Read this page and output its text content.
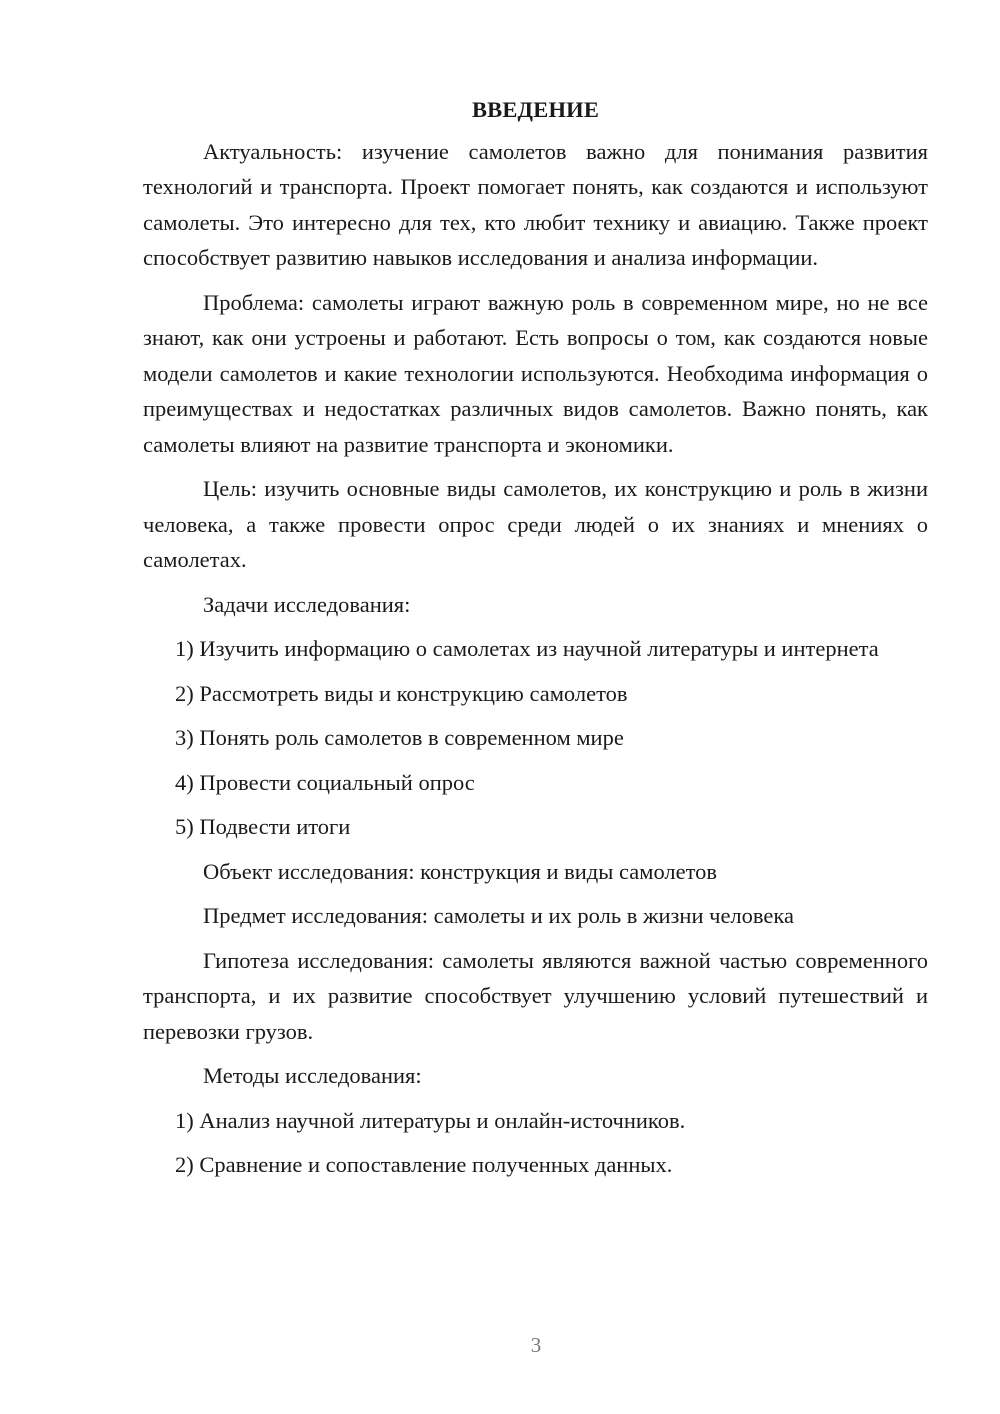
ВВЕДЕНИЕ
Актуальность: изучение самолетов важно для понимания развития технологий и транспорта. Проект помогает понять, как создаются и используют самолеты. Это интересно для тех, кто любит технику и авиацию. Также проект способствует развитию навыков исследования и анализа информации.
Проблема: самолеты играют важную роль в современном мире, но не все знают, как они устроены и работают. Есть вопросы о том, как создаются новые модели самолетов и какие технологии используются. Необходима информация о преимуществах и недостатках различных видов самолетов. Важно понять, как самолеты влияют на развитие транспорта и экономики.
Цель: изучить основные виды самолетов, их конструкцию и роль в жизни человека, а также провести опрос среди людей о их знаниях и мнениях о самолетах.
Задачи исследования:
1) Изучить информацию о самолетах из научной литературы и интернета
2) Рассмотреть виды и конструкцию самолетов
3) Понять роль самолетов в современном мире
4) Провести социальный опрос
5) Подвести итоги
Объект исследования: конструкция и виды самолетов
Предмет исследования: самолеты и их роль в жизни человека
Гипотеза исследования: самолеты являются важной частью современного транспорта, и их развитие способствует улучшению условий путешествий и перевозки грузов.
Методы исследования:
1) Анализ научной литературы и онлайн-источников.
2) Сравнение и сопоставление полученных данных.
3
